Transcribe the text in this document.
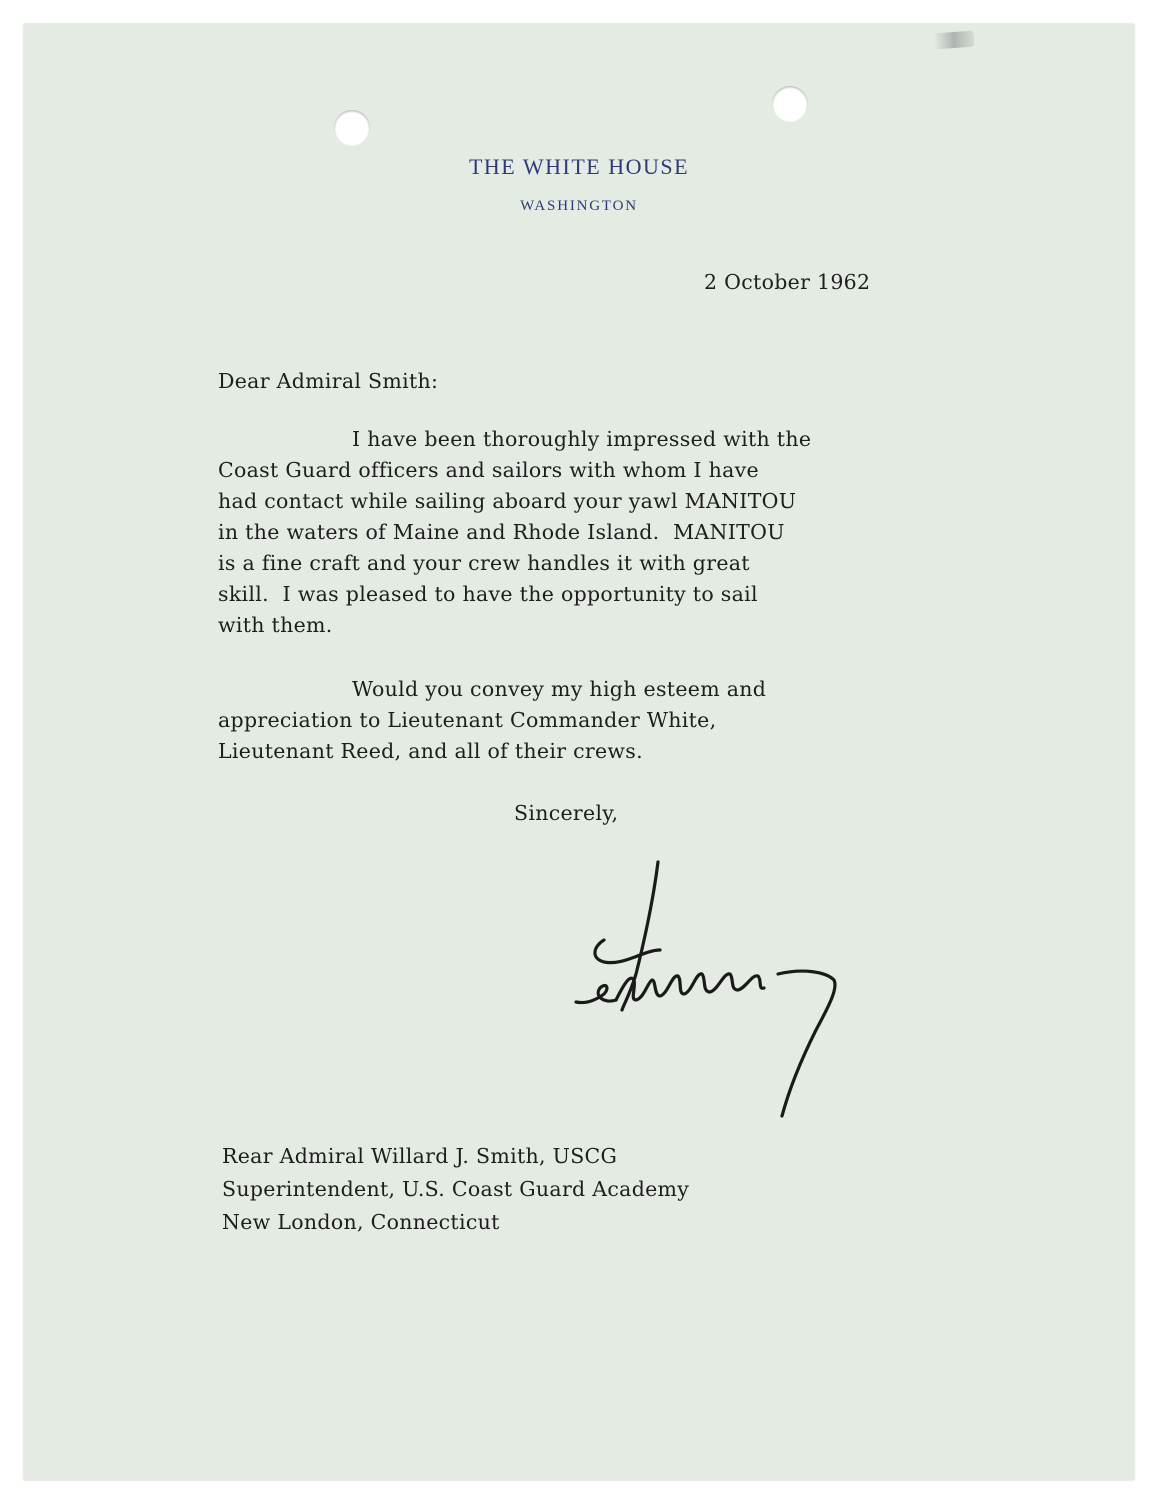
THE WHITE HOUSE
WASHINGTON
2 October 1962
Dear Admiral Smith:
I have been thoroughly impressed with the
Coast Guard officers and sailors with whom I have
had contact while sailing aboard your yawl MANITOU
in the waters of Maine and Rhode Island.  MANITOU
is a fine craft and your crew handles it with great
skill.  I was pleased to have the opportunity to sail
with them.
Would you convey my high esteem and
appreciation to Lieutenant Commander White,
Lieutenant Reed, and all of their crews.
Sincerely,
Rear Admiral Willard J. Smith, USCG
Superintendent, U.S. Coast Guard Academy
New London, Connecticut
